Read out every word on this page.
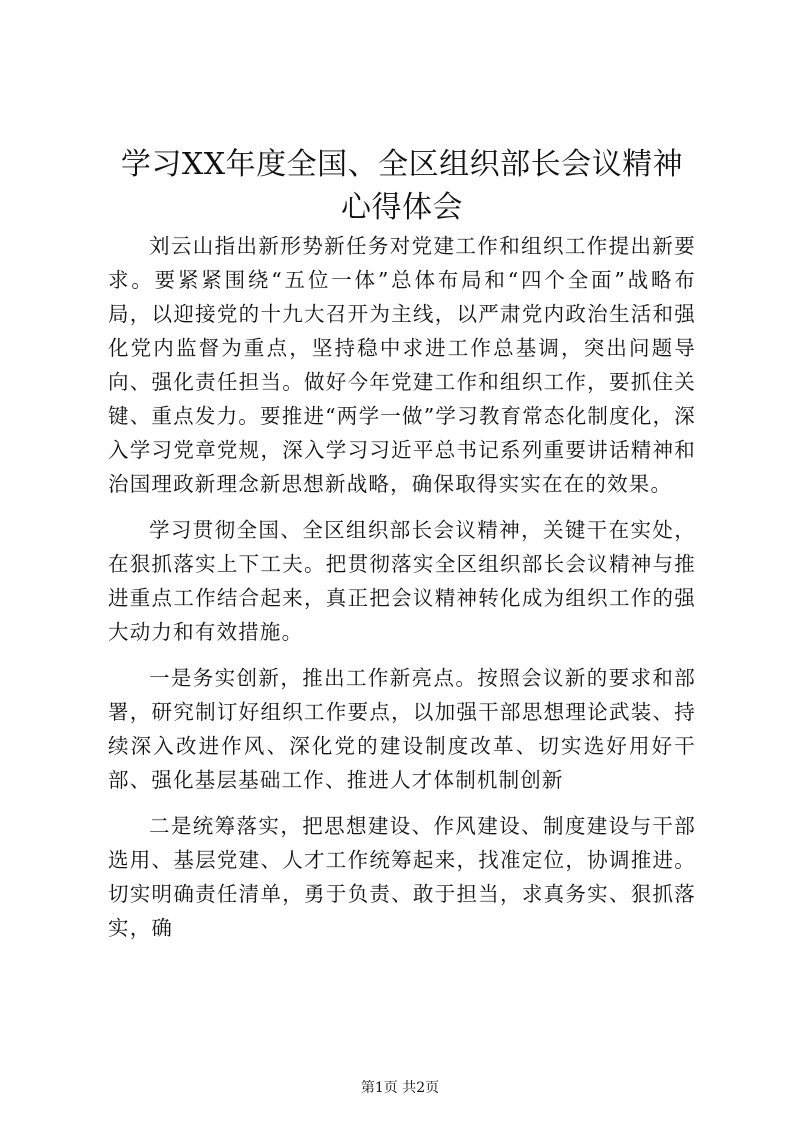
学习XX年度全国、全区组织部长会议精神心得体会

刘云山指出新形势新任务对党建工作和组织工作提出新要求。要紧紧围绕“五位一体”总体布局和“四个全面”战略布局，以迎接党的十九大召开为主线，以严肃党内政治生活和强化党内监督为重点，坚持稳中求进工作总基调，突出问题导向、强化责任担当。做好今年党建工作和组织工作，要抓住关键、重点发力。要推进“两学一做”学习教育常态化制度化，深入学习党章党规，深入学习习近平总书记系列重要讲话精神和治国理政新理念新思想新战略，确保取得实实在在的效果。

学习贯彻全国、全区组织部长会议精神，关键干在实处，在狠抓落实上下工夫。把贯彻落实全区组织部长会议精神与推进重点工作结合起来，真正把会议精神转化成为组织工作的强大动力和有效措施。

一是务实创新，推出工作新亮点。按照会议新的要求和部署，研究制订好组织工作要点，以加强干部思想理论武装、持续深入改进作风、深化党的建设制度改革、切实选好用好干部、强化基层基础工作、推进人才体制机制创新

二是统筹落实，把思想建设、作风建设、制度建设与干部选用、基层党建、人才工作统筹起来，找准定位，协调推进。切实明确责任清单，勇于负责、敢于担当，求真务实、狠抓落实，确

第1页 共2页
